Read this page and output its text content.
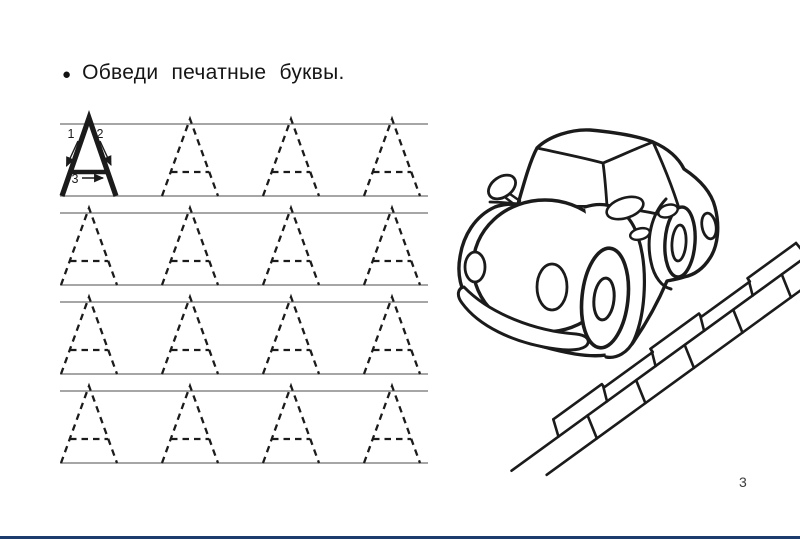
● Обведи печатные буквы.
1 2
3
3
